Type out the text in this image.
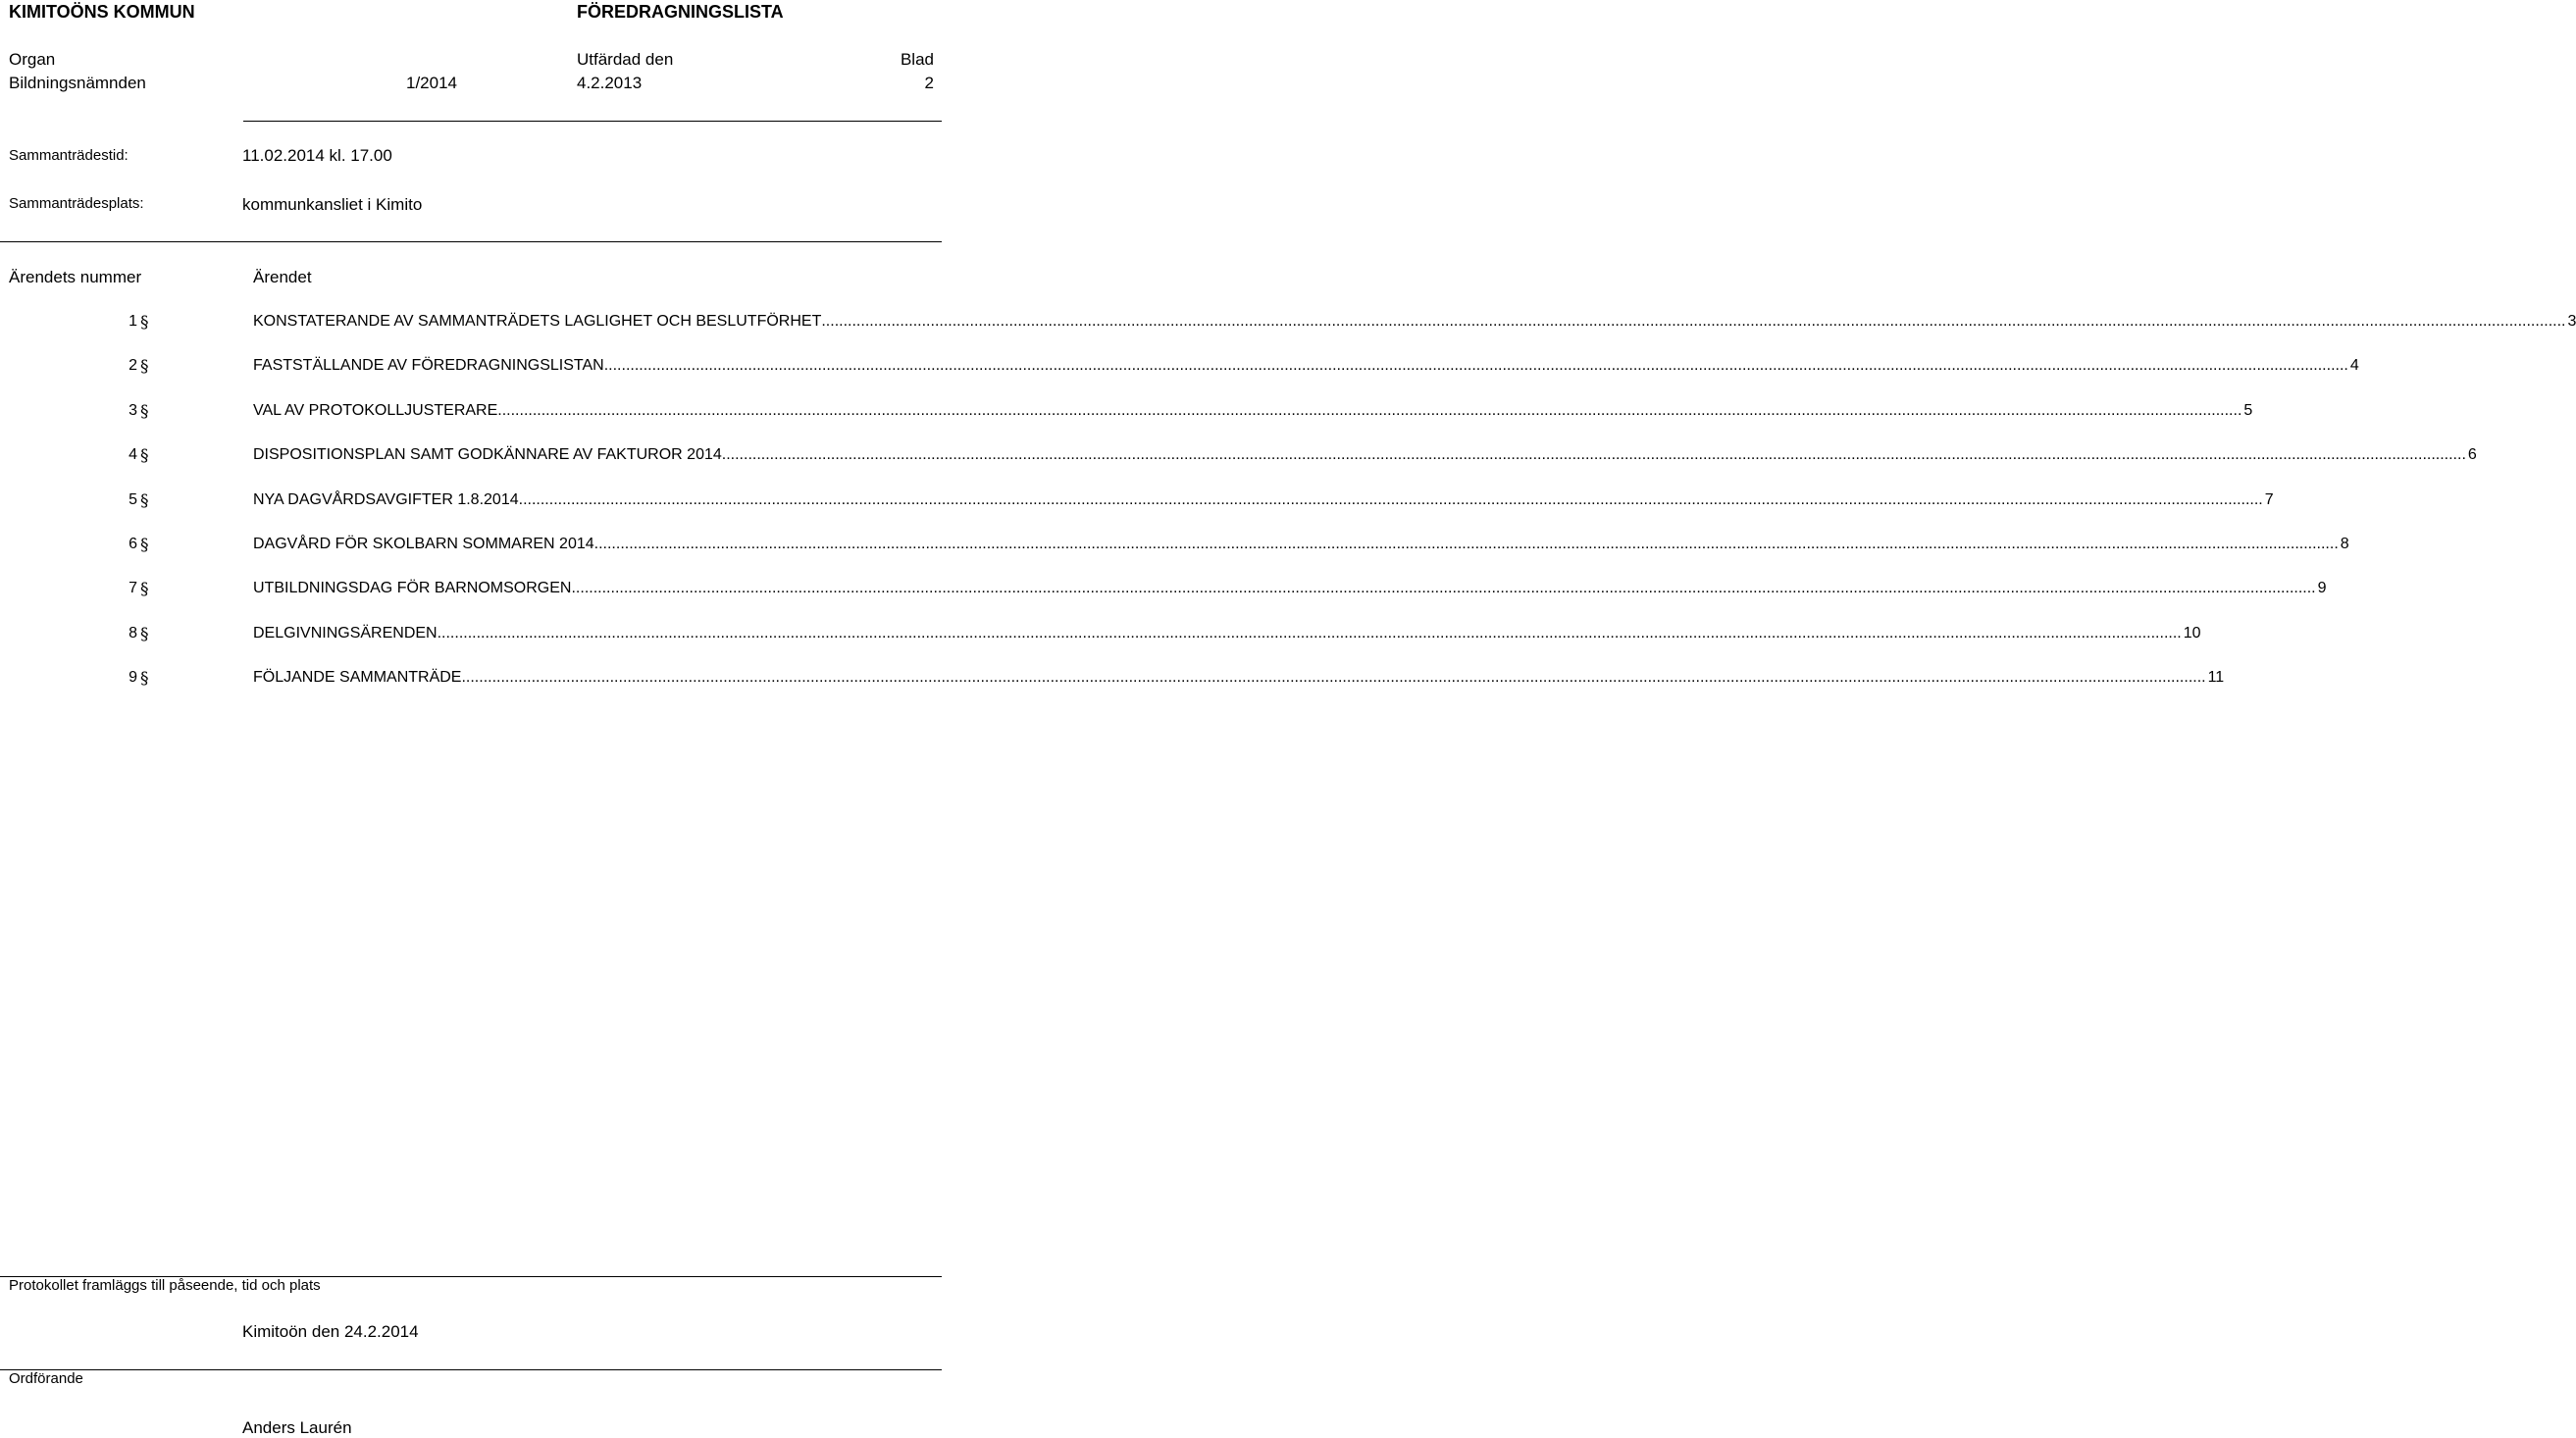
KIMITOÖNS KOMMUN	FÖREDRAGNINGSLISTA
Organ	Utfärdad den	Blad
Bildningsnämnden	1/2014	4.2.2013	2
Sammanträdestid:	11.02.2014 kl. 17.00
Sammanträdesplats:	kommunkansliet i Kimito
Ärendets nummer	Ärendet
1 §	KONSTATERANDE AV SAMMANTRÄDETS LAGLIGHET OCH BESLUTFÖRHET ................................................................................................................................................................................................................................................................................................................................................................................................................ 3
2 §	FASTSTÄLLANDE AV FÖREDRAGNINGSLISTAN ................................................................................................................................................................................................................................................................................................................................................................................................................ 4
3 §	VAL AV PROTOKOLLJUSTERARE ................................................................................................................................................................................................................................................................................................................................................................................................................ 5
4 §	DISPOSITIONSPLAN SAMT GODKÄNNARE AV FAKTUROR 2014 ................................................................................................................................................................................................................................................................................................................................................................................................................ 6
5 §	NYA DAGVÅRDSAVGIFTER 1.8.2014 ................................................................................................................................................................................................................................................................................................................................................................................................................ 7
6 §	DAGVÅRD FÖR SKOLBARN SOMMAREN 2014 ................................................................................................................................................................................................................................................................................................................................................................................................................ 8
7 §	UTBILDNINGSDAG FÖR BARNOMSORGEN ................................................................................................................................................................................................................................................................................................................................................................................................................ 9
8 §	DELGIVNINGSÄRENDEN ................................................................................................................................................................................................................................................................................................................................................................................................................ 10
9 §	FÖLJANDE SAMMANTRÄDE ................................................................................................................................................................................................................................................................................................................................................................................................................ 11
Protokollet framläggs till påseende, tid och plats
Kimitoön den 24.2.2014
Ordförande
Anders Laurén
